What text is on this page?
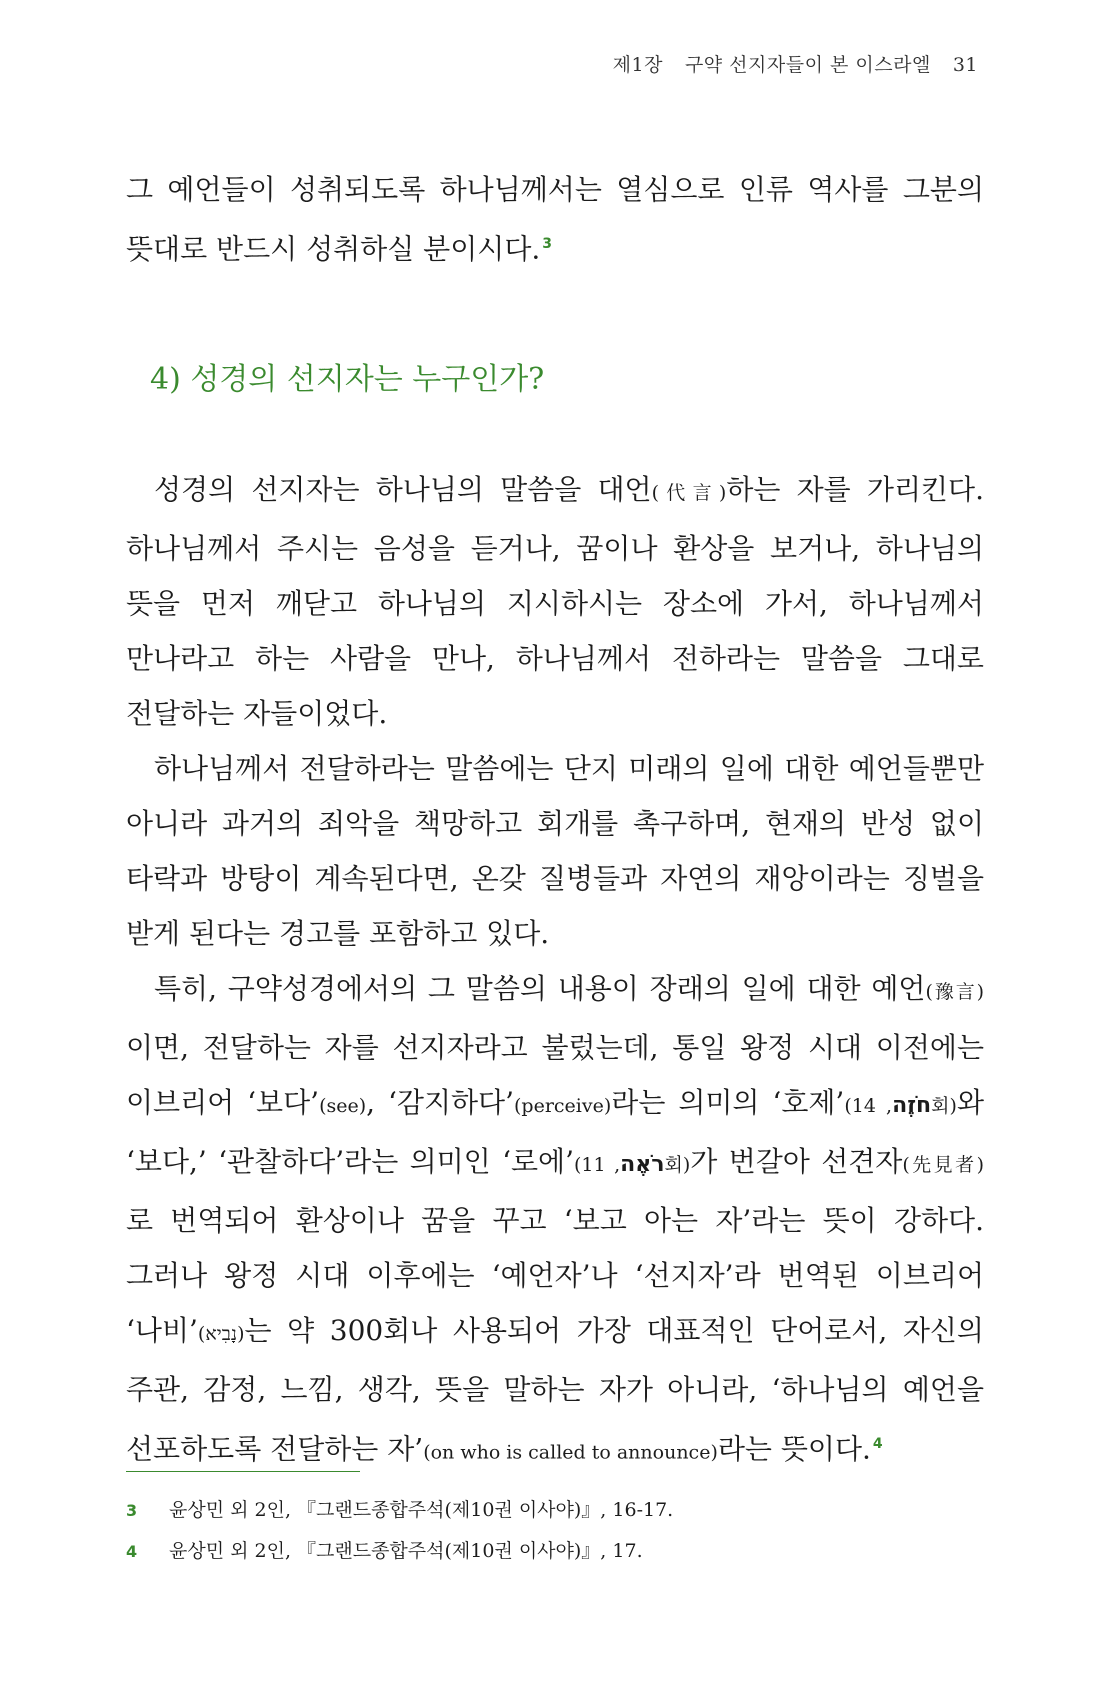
제1장 구약 선지자들이 본 이스라엘 31

그 예언들이 성취되도록 하나님께서는 열심으로 인류 역사를 그분의 뜻대로 반드시 성취하실 분이시다. $^3$

4) 성경의 선지자는 누구인가?

성경의 선지자는 하나님의 말씀을 대언(代言)하는 자를 가리킨다. 하나님께서 주시는 음성을 듣거나, 꿈이나 환상을 보거나, 하나님의 뜻을 먼저 깨닫고 하나님의 지시하시는 장소에 가서, 하나님께서 만나라고 하는 사람을 만나, 하나님께서 전하라는 말씀을 그대로 전달하는 자들이었다.

하나님께서 전달하라는 말씀에는 단지 미래의 일에 대한 예언들뿐만 아니라 과거의 죄악을 책망하고 회개를 촉구하며, 현재의 반성 없이 타락과 방탕이 계속된다면, 온갖 질병들과 자연의 재앙이라는 징벌을 받게 된다는 경고를 포함하고 있다.

특히, 구약성경에서의 그 말씀의 내용이 장래의 일에 대한 예언(豫言)이면, 전달하는 자를 선지자라고 불렀는데, 통일 왕정 시대 이전에는 이브리어 ‘보다’(see), ‘감지하다’(perceive)라는 의미의 ‘호제’( חֹזֶה, 14회)와 ‘보다,’ ‘관찰하다’라는 의미인 ‘로에’( רֹאֶה, 11회)가 번갈아 선견자(先見者)로 번역되어 환상이나 꿈을 꾸고 ‘보고 아는 자’라는 뜻이 강하다. 그러나 왕정 시대 이후에는 ‘예언자’나 ‘선지자’라 번역된 이브리어 ‘나비’(נָבִיא)는 약 300회나 사용되어 가장 대표적인 단어로서, 자신의 주관, 감정, 느낌, 생각, 뜻을 말하는 자가 아니라, ‘하나님의 예언을 선포하도록 전달하는 자’(on who is called to announce)라는 뜻이다. $^4$

3 윤상민 외 2인, 『그랜드종합주석(제10권 이사야)』, 16-17.

4 윤상민 외 2인, 『그랜드종합주석(제10권 이사야)』, 17.
